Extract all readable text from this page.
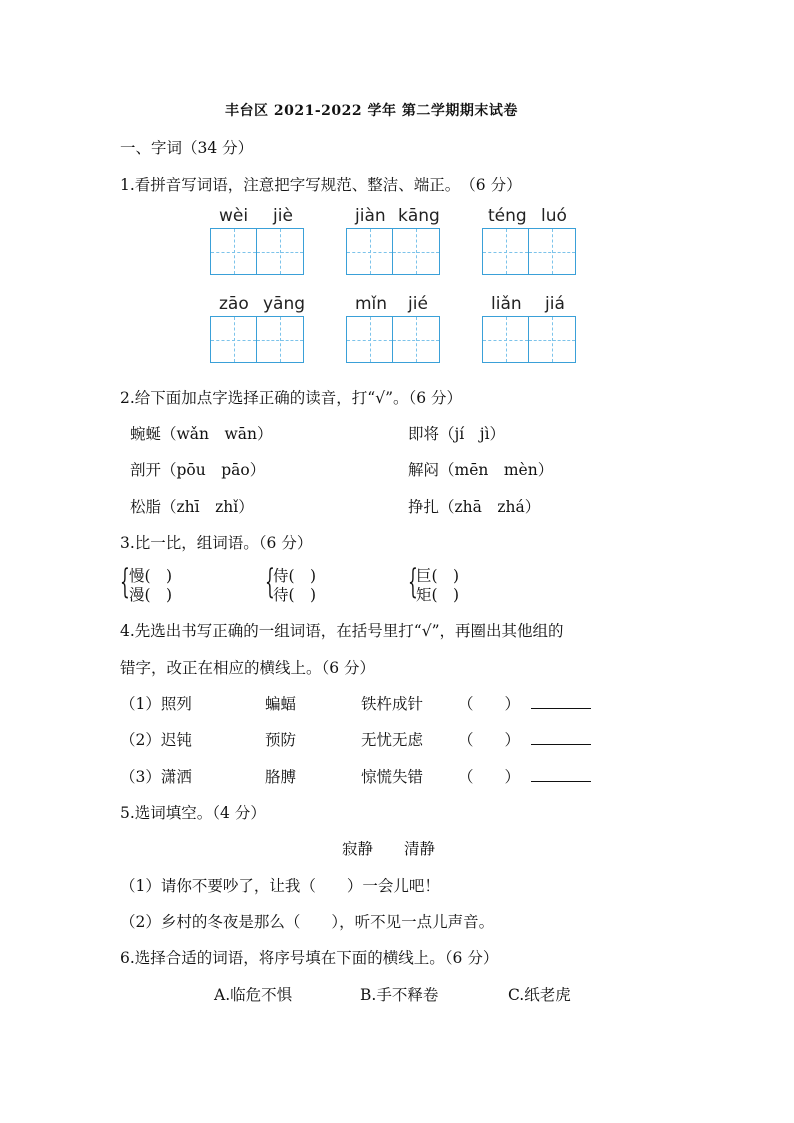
丰台区 2021-2022 学年 第二学期期末试卷
一、字词（34 分）
1.看拼音写词语，注意把字写规范、整洁、端正。　（6 分）
wèi jiè	jiàn kāng	téng luó
zāo yāng	mǐn jié	liǎn jiá
2.给下面加点字选择正确的读音，打“√”。（6 分）
蜿蜒（wǎn　wān）	即将（jí　jì）
剖开（pōu　pāo）	解闷（mēn　mèn）
松脂（zhī　zhǐ）	挣扎（zhā　zhá）
3.比一比，组词语。（6 分）
{ 慢(　)
漫(　)	{
侍(　)
待(　)	{
巨(　)
矩(　)
4.先选出书写正确的一组词语，在括号里打“√”，再圈出其他组的
错字，改正在相应的横线上。（6 分）
（1）照列	蝙蝠	铁杵成针 （　　）
（2）迟钝	预防	无忧无虑 （　　）
（3）潇洒	胳膊	惊慌失错 （　　）
5.选词填空。（4 分）
寂静　　清静
（1）请你不要吵了，让我（　　）一会儿吧！
（2）乡村的冬夜是那么（　　），听不见一点儿声音。
6.选择合适的词语，将序号填在下面的横线上。（6 分）
A.临危不惧	B.手不释卷	C.纸老虎
